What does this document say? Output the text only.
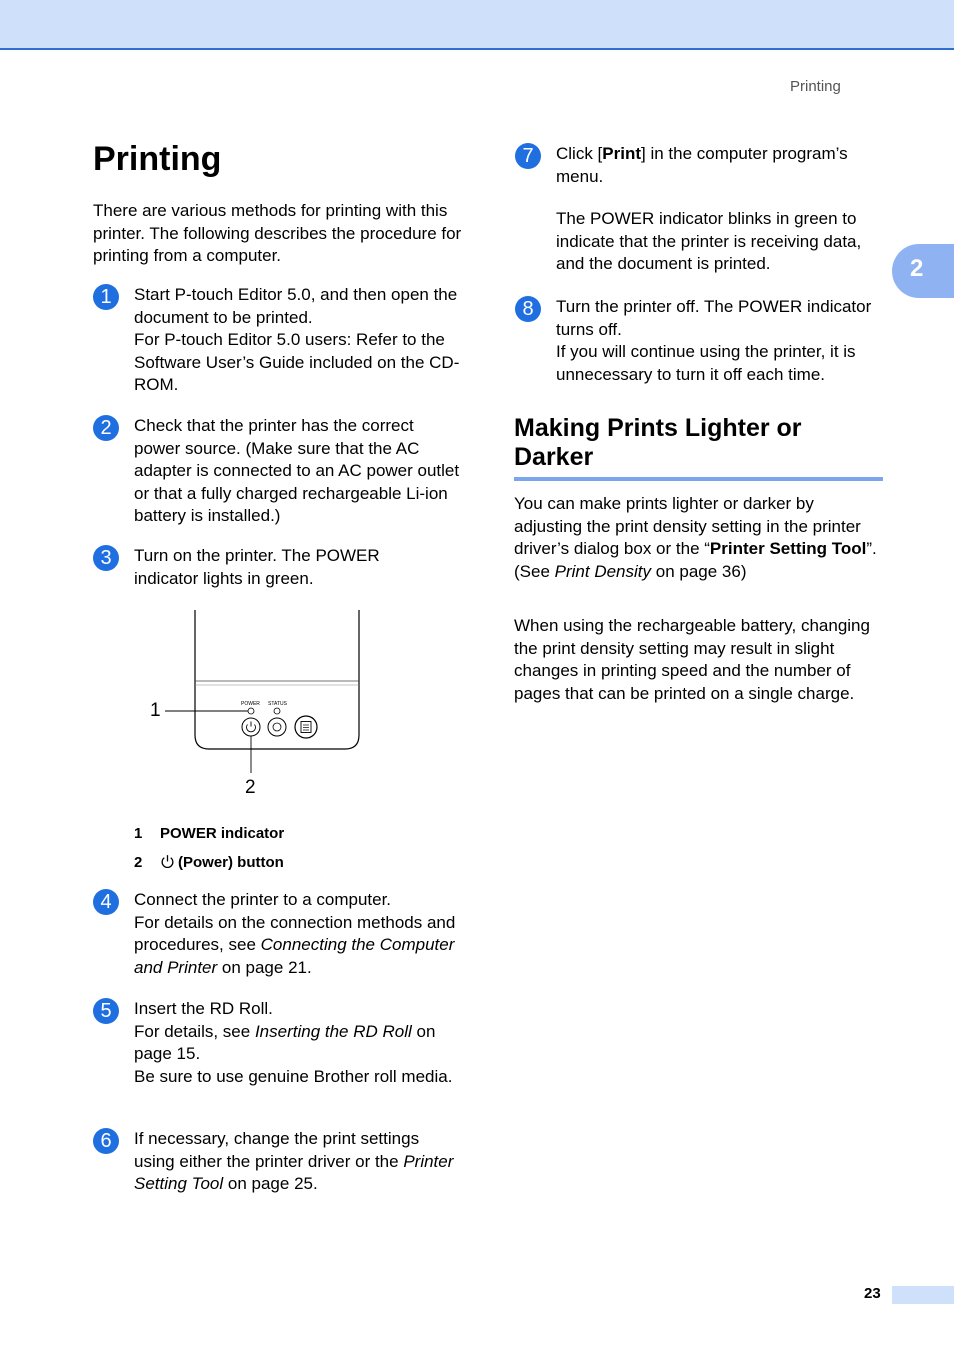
Printing
2
Printing
There are various methods for printing with this printer. The following describes the procedure for printing from a computer.
1	Start P-touch Editor 5.0, and then open the document to be printed.

For P-touch Editor 5.0 users: Refer to the Software User’s Guide included on the CD-ROM.

2	Check that the printer has the correct power source. (Make sure that the AC adapter is connected to an AC power outlet or that a fully charged rechargeable Li-ion battery is installed.)
3	Turn on the printer. The POWER indicator lights in green.
POWER STATUS
1
2
1 POWER indicator
2 (Power) button
4	Connect the printer to a computer.

For details on the connection methods and procedures, see Connecting the Computer and Printer on page 21.

5	Insert the RD Roll.

For details, see Inserting the RD Roll on page 15.

Be sure to use genuine Brother roll media.

6	If necessary, change the print settings using either the printer driver or the Printer Setting Tool on page 25.
7	Click [Print] in the computer program’s menu.

The POWER indicator blinks in green to indicate that the printer is receiving data, and the document is printed.

8	Turn the printer off. The POWER indicator turns off.

If you will continue using the printer, it is unnecessary to turn it off each time.

Making Prints Lighter or Darker
You can make prints lighter or darker by adjusting the print density setting in the printer driver’s dialog box or the “Printer Setting Tool”. (See Print Density on page 36)
When using the rechargeable battery, changing the print density setting may result in slight changes in printing speed and the number of pages that can be printed on a single charge.
23
